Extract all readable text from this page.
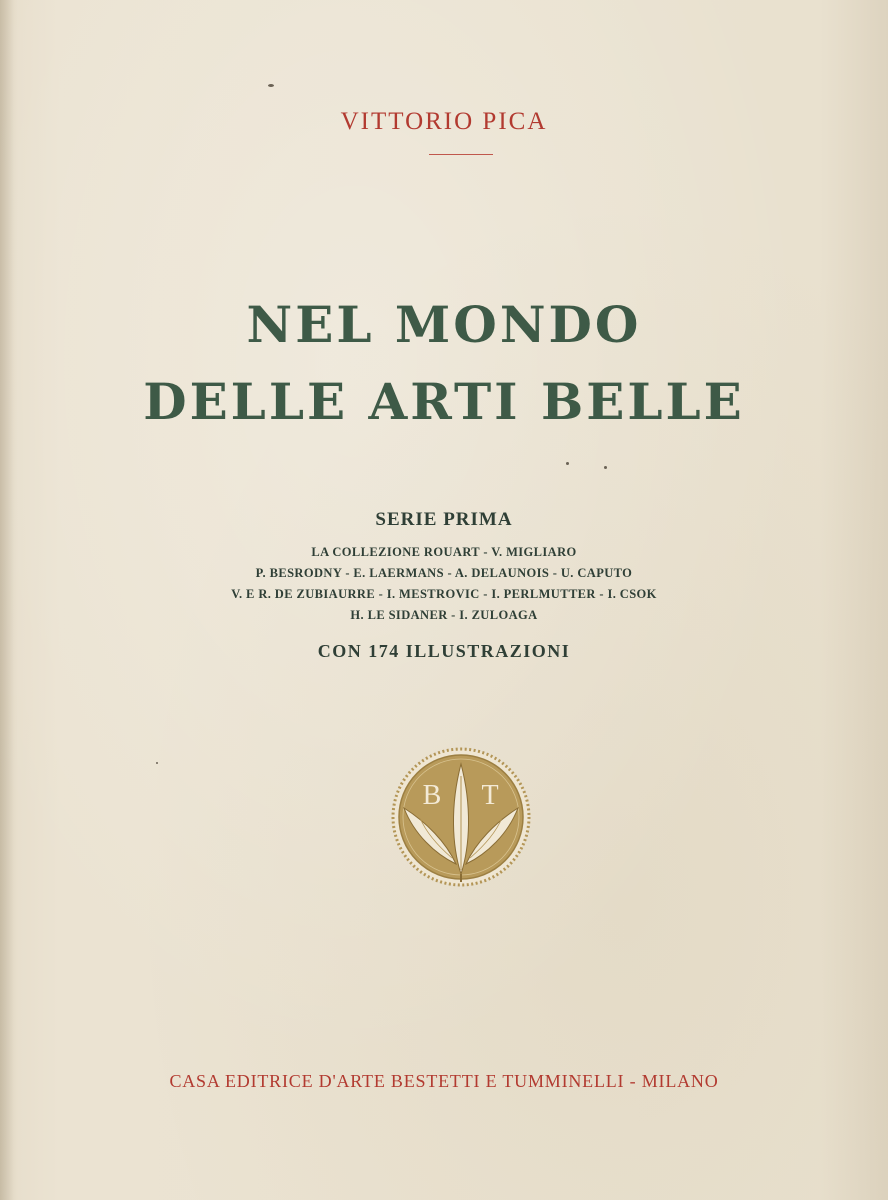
VITTORIO PICA
NEL MONDO
DELLE ARTI BELLE
SERIE PRIMA
LA COLLEZIONE ROUART - V. MIGLIARO
P. BESRODNY - E. LAERMANS - A. DELAUNOIS - U. CAPUTO
V. E R. DE ZUBIAURRE - I. MESTROVIC - I. PERLMUTTER - I. CSOK
H. LE SIDANER - I. ZULOAGA
CON 174 ILLUSTRAZIONI
B T
CASA EDITRICE D'ARTE BESTETTI E TUMMINELLI - MILANO
